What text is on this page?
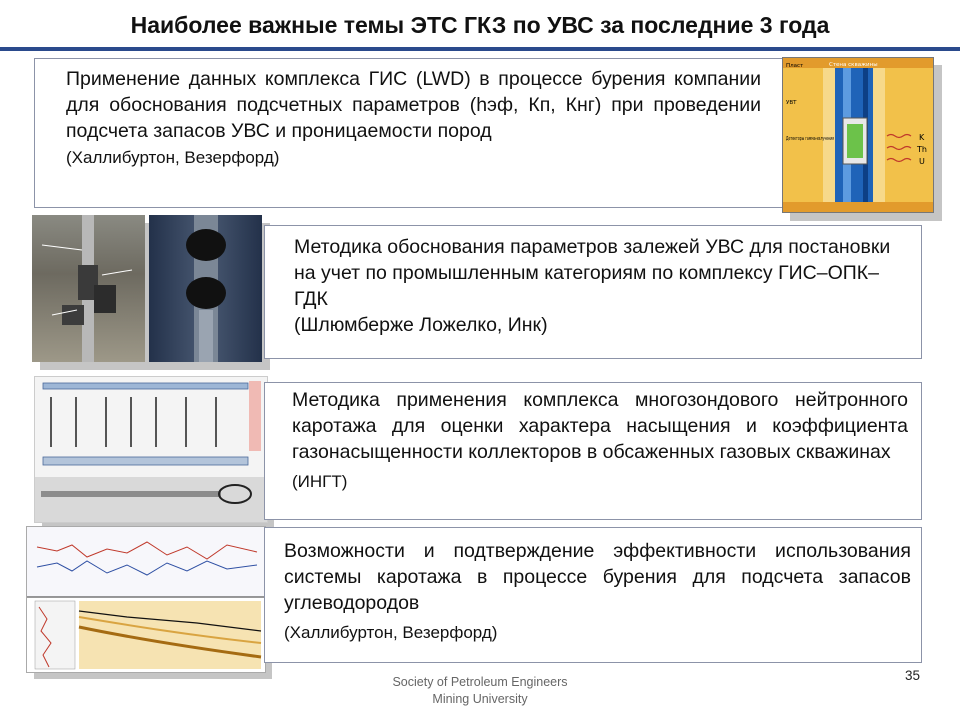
Наиболее важные темы ЭТС ГКЗ по УВС за последние 3 года
Применение данных комплекса ГИС (LWD) в процессе бурения компании для обоснования подсчетных параметров (hэф, Кп, Кнг) при проведении подсчета запасов УВС и проницаемости пород
(Халлибуртон, Везерфорд)
Пласт	Стена скважины
УВТ
Детекторы гамма-излучения	K
Th
U
Методика обоснования параметров залежей УВС для постановки на учет по промышленным категориям по комплексу ГИС–ОПК–ГДК
(Шлюмберже Ложелко, Инк)
Методика применения комплекса многозондового нейтронного каротажа для оценки характера насыщения и коэффициента газонасыщенности коллекторов в обсаженных газовых скважинах
(ИНГТ)
Возможности и подтверждение эффективности использования системы каротажа в процессе бурения для подсчета запасов углеводородов
(Халлибуртон, Везерфорд)
Society of Petroleum Engineers
Mining University
35
